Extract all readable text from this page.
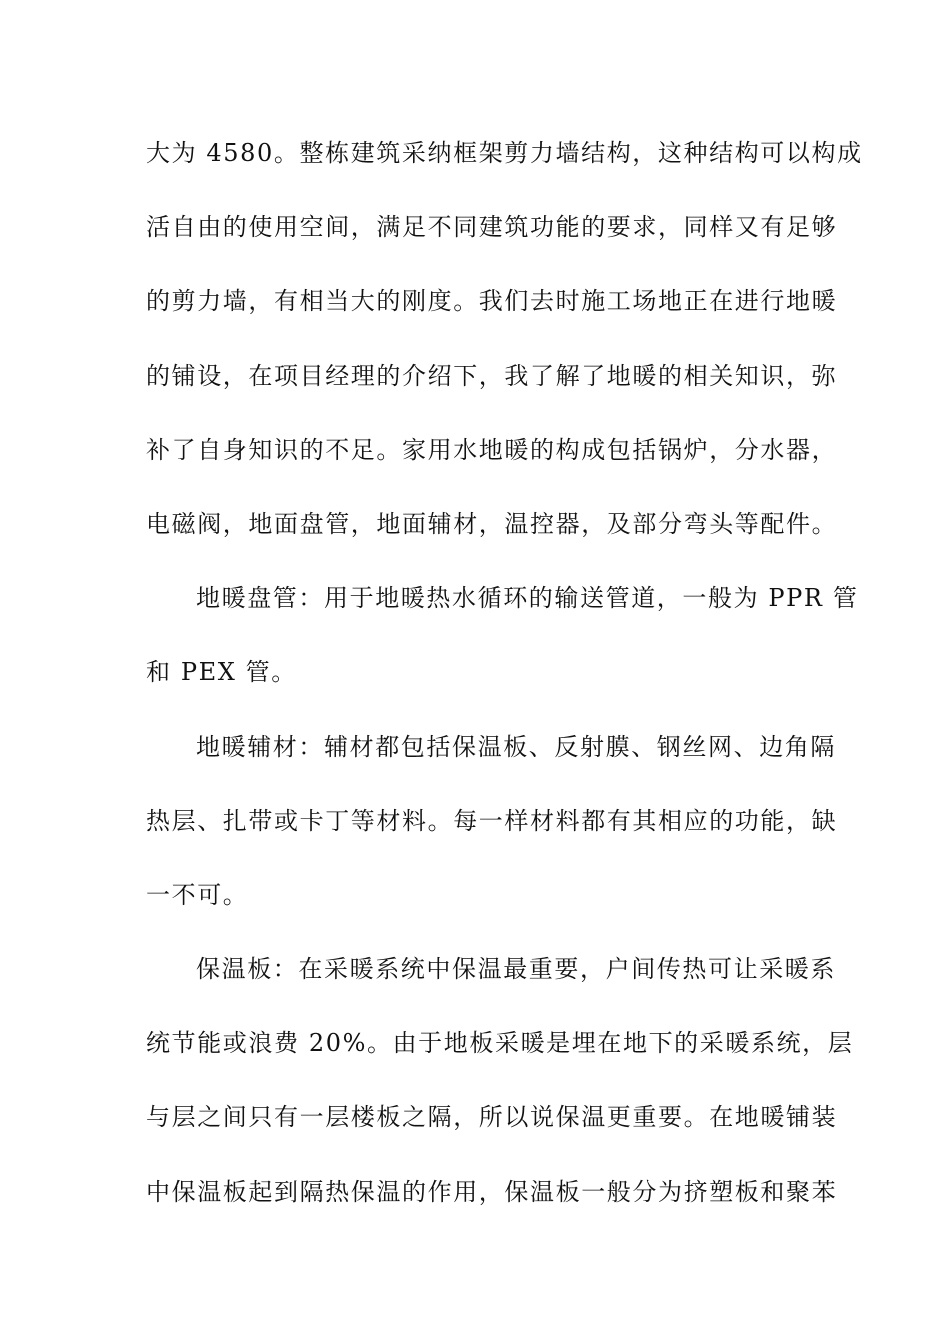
大为 4580。整栋建筑采纳框架剪力墙结构，这种结构可以构成
活自由的使用空间，满足不同建筑功能的要求，同样又有足够
的剪力墙，有相当大的刚度。我们去时施工场地正在进行地暖
的铺设，在项目经理的介绍下，我了解了地暖的相关知识，弥
补了自身知识的不足。家用水地暖的构成包括锅炉，分水器，
电磁阀，地面盘管，地面辅材，温控器，及部分弯头等配件。
地暖盘管：用于地暖热水循环的输送管道，一般为 PPR 管
和 PEX 管。
地暖辅材：辅材都包括保温板、反射膜、钢丝网、边角隔
热层、扎带或卡丁等材料。每一样材料都有其相应的功能，缺
一不可。
保温板：在采暖系统中保温最重要，户间传热可让采暖系
统节能或浪费 20%。由于地板采暖是埋在地下的采暖系统，层
与层之间只有一层楼板之隔，所以说保温更重要。在地暖铺装
中保温板起到隔热保温的作用，保温板一般分为挤塑板和聚苯
